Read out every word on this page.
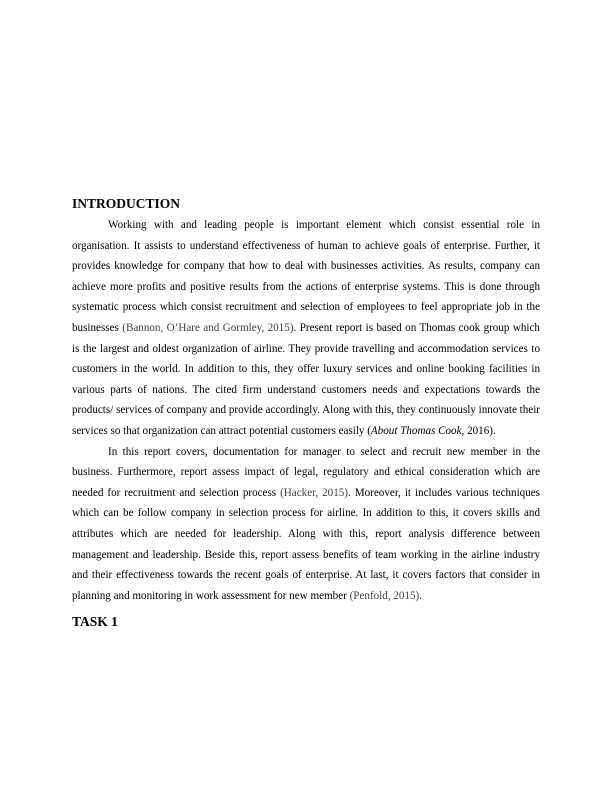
INTRODUCTION

Working with and leading people is important element which consist essential role in organisation. It assists to understand effectiveness of human to achieve goals of enterprise. Further, it provides knowledge for company that how to deal with businesses activities. As results, company can achieve more profits and positive results from the actions of enterprise systems. This is done through systematic process which consist recruitment and selection of employees to feel appropriate job in the businesses (Bannon, O’Hare and Gormley, 2015). Present report is based on Thomas cook group which is the largest and oldest organization of airline. They provide travelling and accommodation services to customers in the world. In addition to this, they offer luxury services and online booking facilities in various parts of nations. The cited firm understand customers needs and expectations towards the products/ services of company and provide accordingly. Along with this, they continuously innovate their services so that organization can attract potential customers easily (About Thomas Cook, 2016).

In this report covers, documentation for manager to select and recruit new member in the business. Furthermore, report assess impact of legal, regulatory and ethical consideration which are needed for recruitment and selection process (Hacker, 2015). Moreover, it includes various techniques which can be follow company in selection process for airline. In addition to this, it covers skills and attributes which are needed for leadership. Along with this, report analysis difference between management and leadership. Beside this, report assess benefits of team working in the airline industry and their effectiveness towards the recent goals of enterprise. At last, it covers factors that consider in planning and monitoring in work assessment for new member (Penfold, 2015).

TASK 1
